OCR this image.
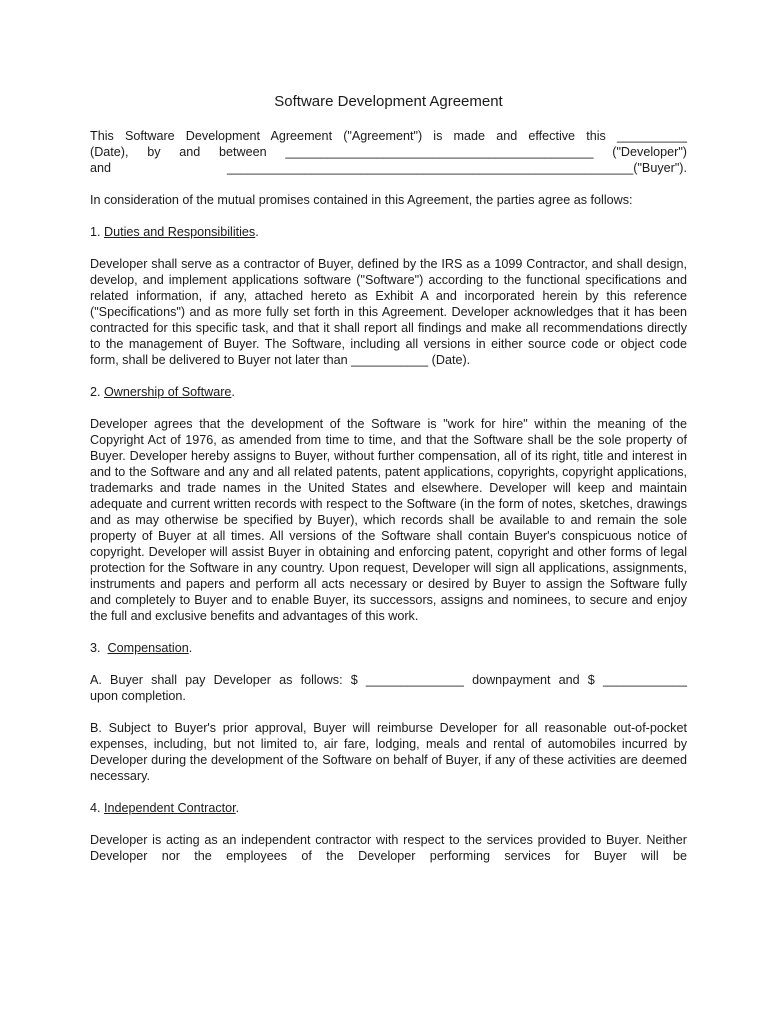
Software Development Agreement

This Software Development Agreement ("Agreement") is made and effective this __________
(Date), by and between ____________________________________________ ("Developer")
and __________________________________________________________("Buyer").

In consideration of the mutual promises contained in this Agreement, the parties agree as follows:

1. Duties and Responsibilities.

Developer shall serve as a contractor of Buyer, defined by the IRS as a 1099 Contractor, and shall design, develop, and implement applications software ("Software") according to the functional specifications and related information, if any, attached hereto as Exhibit A and incorporated herein by this reference ("Specifications") and as more fully set forth in this Agreement. Developer acknowledges that it has been contracted for this specific task, and that it shall report all findings and make all recommendations directly to the management of Buyer. The Software, including all versions in either source code or object code form, shall be delivered to Buyer not later than ___________ (Date).

2. Ownership of Software.

Developer agrees that the development of the Software is "work for hire" within the meaning of the Copyright Act of 1976, as amended from time to time, and that the Software shall be the sole property of Buyer. Developer hereby assigns to Buyer, without further compensation, all of its right, title and interest in and to the Software and any and all related patents, patent applications, copyrights, copyright applications, trademarks and trade names in the United States and elsewhere. Developer will keep and maintain adequate and current written records with respect to the Software (in the form of notes, sketches, drawings and as may otherwise be specified by Buyer), which records shall be available to and remain the sole property of Buyer at all times. All versions of the Software shall contain Buyer's conspicuous notice of copyright. Developer will assist Buyer in obtaining and enforcing patent, copyright and other forms of legal protection for the Software in any country. Upon request, Developer will sign all applications, assignments, instruments and papers and perform all acts necessary or desired by Buyer to assign the Software fully and completely to Buyer and to enable Buyer, its successors, assigns and nominees, to secure and enjoy the full and exclusive benefits and advantages of this work.

3.  Compensation.

A. Buyer shall pay Developer as follows: $ ______________ downpayment and $ ____________
upon completion.

B. Subject to Buyer's prior approval, Buyer will reimburse Developer for all reasonable out-of-pocket expenses, including, but not limited to, air fare, lodging, meals and rental of automobiles incurred by Developer during the development of the Software on behalf of Buyer, if any of these activities are deemed necessary.

4. Independent Contractor.

Developer is acting as an independent contractor with respect to the services provided to Buyer. Neither Developer nor the employees of the Developer performing services for Buyer will be
